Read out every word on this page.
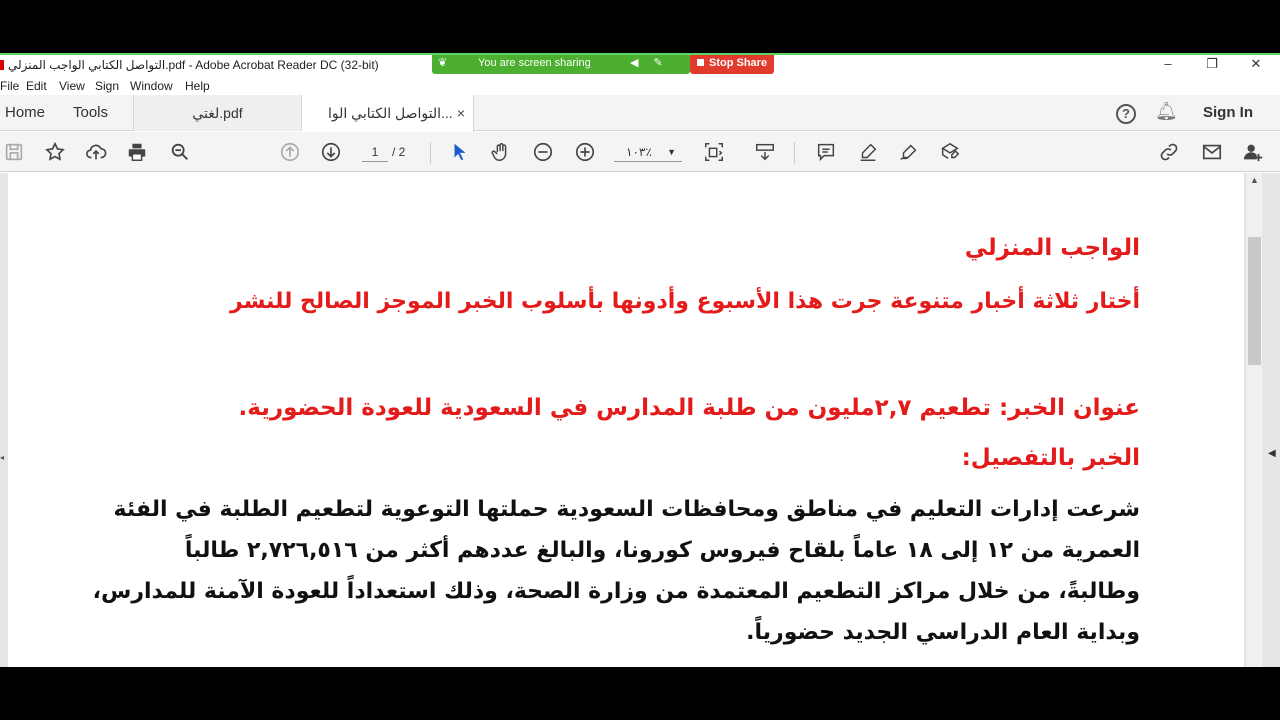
التواصل الكتابي الواجب المنزلي.pdf - Adobe Acrobat Reader DC (32-bit)	–	❐	✕
❦	You are screen sharing	◀ ✎ ●
Stop Share
File Edit View Sign Window Help
Home	Tools	لغتي.pdf	التواصل الكتابي الوا... ×	?	🔔︎ Sign In
1	/ 2	١٠٣٪ ▼
◂
الواجب المنزلي
أختار ثلاثة أخبار متنوعة جرت هذا الأسبوع وأدونها بأسلوب الخبر الموجز الصالح للنشر
عنوان الخبر: تطعيم ٢,٧مليون من طلبة المدارس في السعودية للعودة الحضورية.
الخبر بالتفصيل:
شرعت إدارات التعليم في مناطق ومحافظات السعودية حملتها التوعوية لتطعيم الطلبة في الفئة
العمرية من ١٢ إلى ١٨ عاماً بلقاح فيروس كورونا، والبالغ عددهم أكثر من ٢,٧٢٦,٥١٦ طالباً
وطالبةً، من خلال مراكز التطعيم المعتمدة من وزارة الصحة، وذلك استعداداً للعودة الآمنة للمدارس،
وبداية العام الدراسي الجديد حضورياً.
▲
◀
